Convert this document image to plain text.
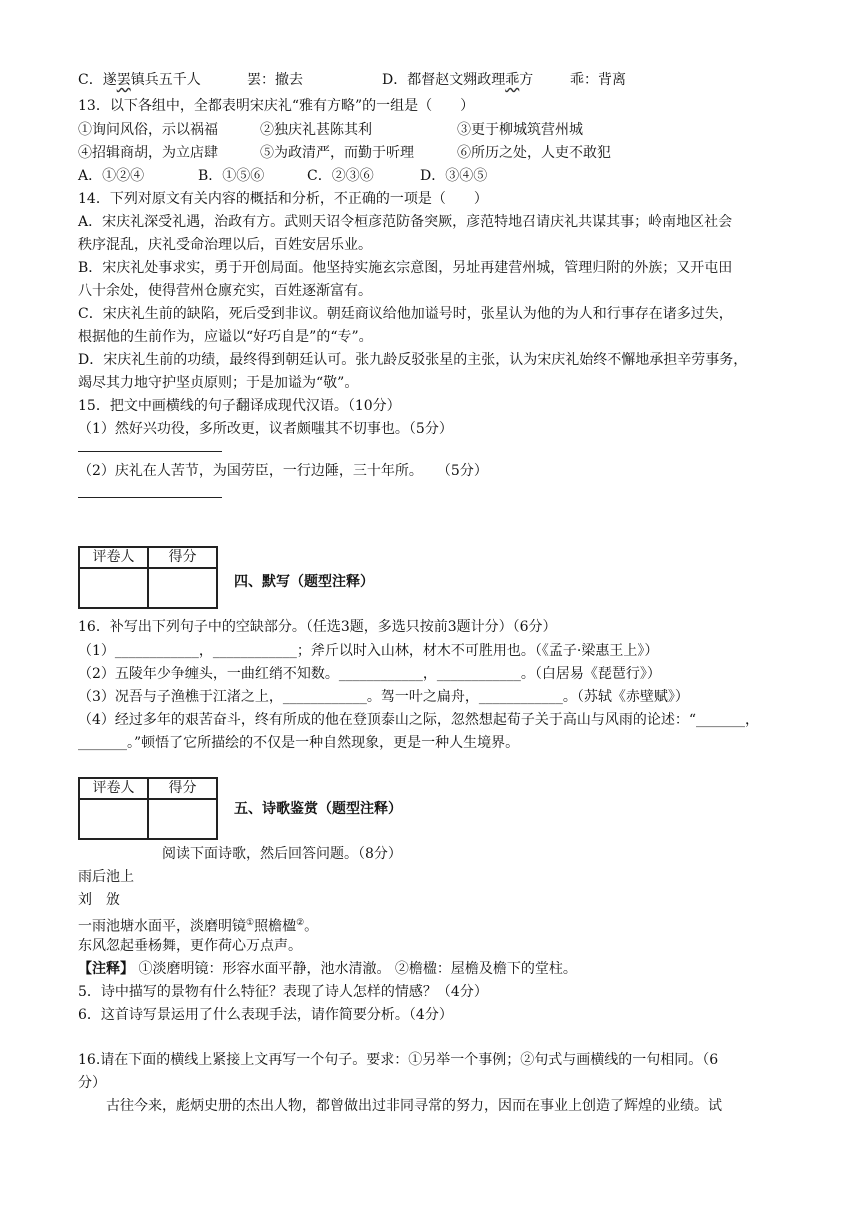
C．遂罢镇兵五千人	罢：撤去	D．都督赵文翙政理乖方	乖：背离
13．以下各组中，全都表明宋庆礼“雅有方略”的一组是（　　）
①询问风俗，示以祸福	②独庆礼甚陈其利	③更于柳城筑营州城
④招辑商胡，为立店肆	⑤为政清严，而勤于听理	⑥所历之处，人吏不敢犯
A．①②④	B．①⑤⑥	C．②③⑥	D．③④⑤
14．下列对原文有关内容的概括和分析，不正确的一项是（　　）
A．宋庆礼深受礼遇，治政有方。武则天诏令桓彦范防备突厥，彦范特地召请庆礼共谋其事；岭南地区社会
秩序混乱，庆礼受命治理以后，百姓安居乐业。
B．宋庆礼处事求实，勇于开创局面。他坚持实施玄宗意图，另址再建营州城，管理归附的外族；又开屯田
八十余处，使得营州仓廪充实，百姓逐渐富有。
C．宋庆礼生前的缺陷，死后受到非议。朝廷商议给他加谥号时，张星认为他的为人和行事存在诸多过失，
根据他的生前作为，应谥以“好巧自是”的“专”。
D．宋庆礼生前的功绩，最终得到朝廷认可。张九龄反驳张星的主张，认为宋庆礼始终不懈地承担辛劳事务，
竭尽其力地守护坚贞原则；于是加谥为“敬”。
15．把文中画横线的句子翻译成现代汉语。（10分）
（1）然好兴功役，多所改更，议者颇嗤其不切事也。（5分）
（2）庆礼在人苦节，为国劳臣，一行边陲，三十年所。　　（5分）
评卷人	得分

四、默写（题型注释）
16．补写出下列句子中的空缺部分。（任选3题，多选只按前3题计分）（6分）
（1）____________，____________；斧斤以时入山林，材木不可胜用也。（《孟子·梁惠王上》）
（2）五陵年少争缠头，一曲红绡不知数。____________，____________。（白居易《琵琶行》）
（3）况吾与子渔樵于江渚之上，____________。驾一叶之扁舟，____________。（苏轼《赤壁赋》）
（4）经过多年的艰苦奋斗，终有所成的他在登顶泰山之际，忽然想起荀子关于高山与风雨的论述：“_______，
_______。”顿悟了它所描绘的不仅是一种自然现象，更是一种人生境界。
评卷人	得分

五、诗歌鉴赏（题型注释）
阅读下面诗歌，然后回答问题。（8分）
雨后池上
刘　攽
一雨池塘水面平，淡磨明镜①照檐楹②。
东风忽起垂杨舞，更作荷心万点声。
【注释】 ①淡磨明镜：形容水面平静，池水清澈。 ②檐楹：屋檐及檐下的堂柱。
5．诗中描写的景物有什么特征？表现了诗人怎样的情感？（4分）
6．这首诗写景运用了什么表现手法，请作简要分析。（4分）
16.请在下面的横线上紧接上文再写一个句子。要求：①另举一个事例；②句式与画横线的一句相同。（6
分）
古往今来，彪炳史册的杰出人物，都曾做出过非同寻常的努力，因而在事业上创造了辉煌的业绩。试
